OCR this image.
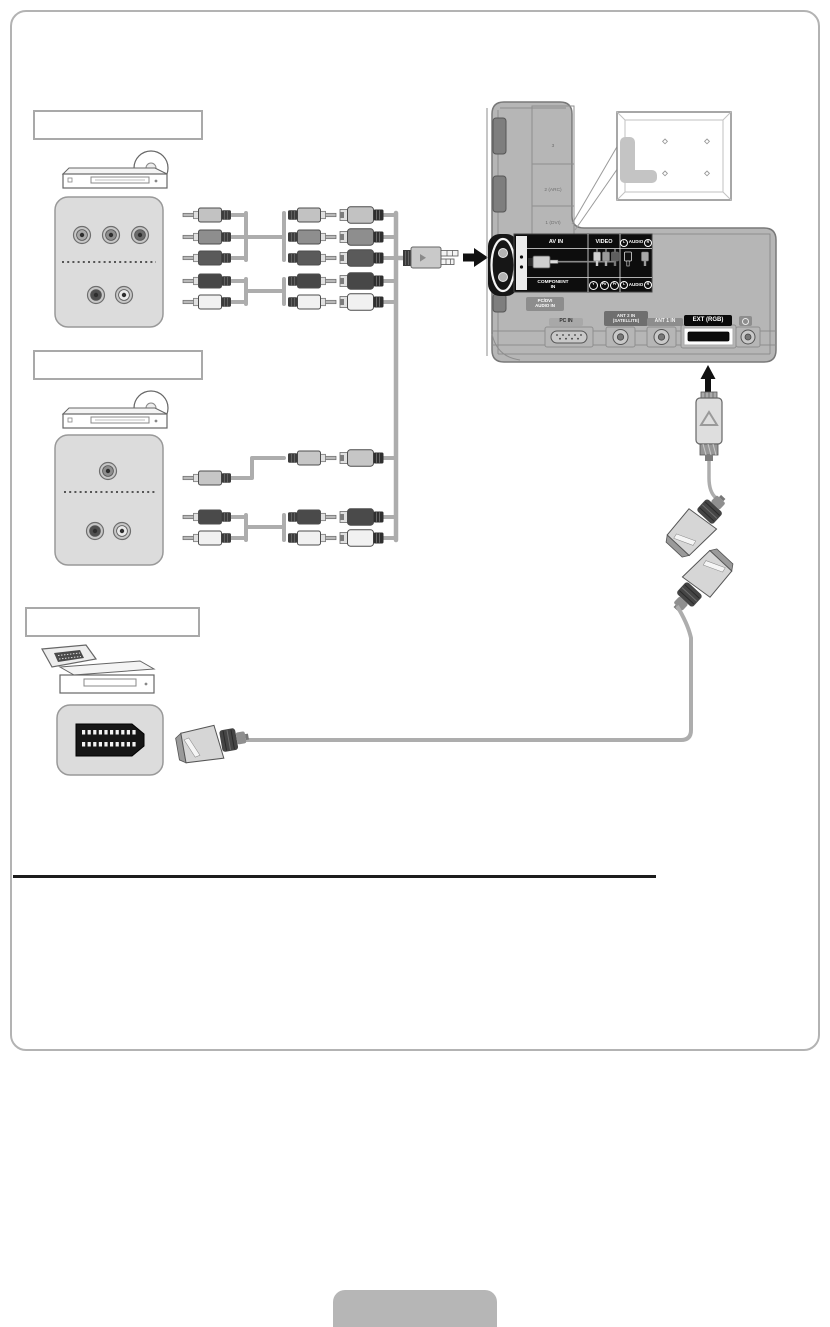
3
2 (ARC)
1 (DVI)
AV IN	VIDEO	L AUDIO R
COMPONENT
IN
Y	Pb	Pr	L AUDIO R
PC/DVI
AUDIO IN
PC IN
ANT 2 IN
(SATELLITE)	ANT 1 IN	EXT (RGB)
